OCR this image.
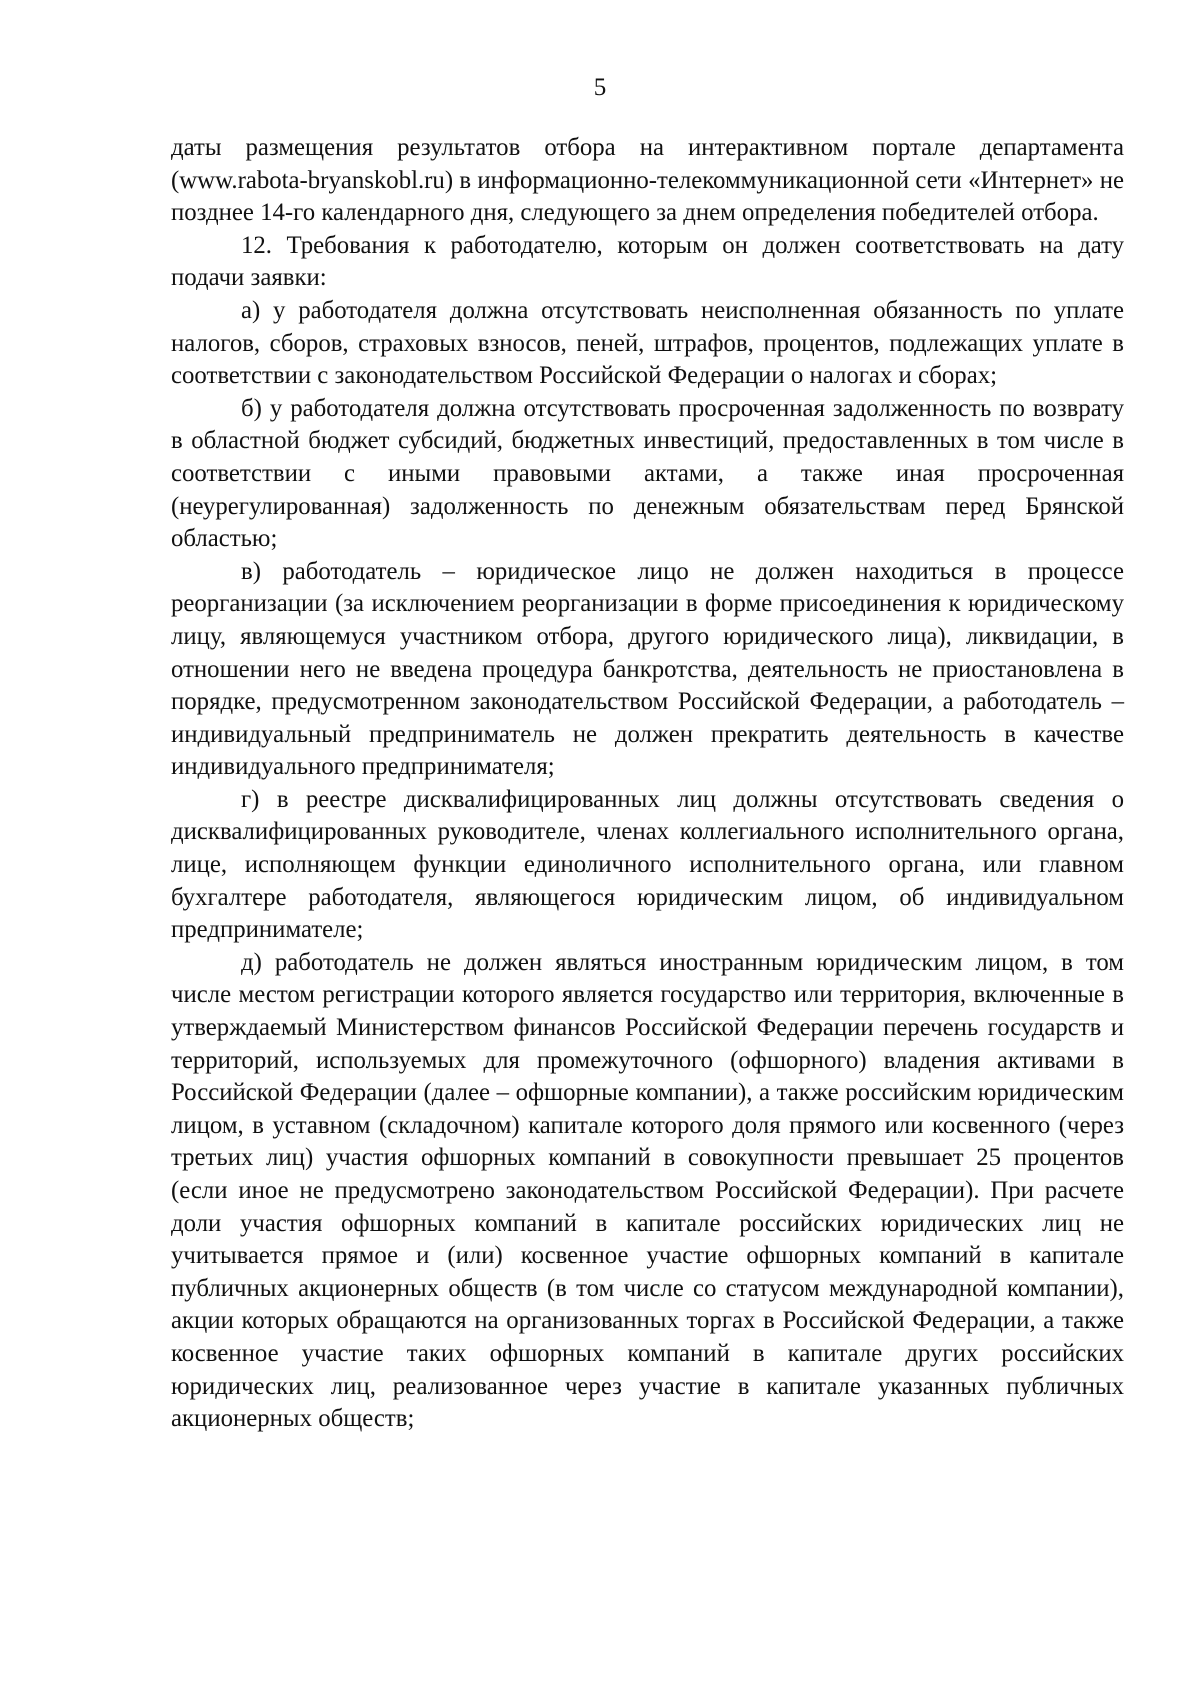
5

даты размещения результатов отбора на интерактивном портале департамента (www.rabota-bryanskobl.ru) в информационно-телекоммуникационной сети «Интернет» не позднее 14-го календарного дня, следующего за днем определения победителей отбора.

12. Требования к работодателю, которым он должен соответствовать на дату подачи заявки:

а) у работодателя должна отсутствовать неисполненная обязанность по уплате налогов, сборов, страховых взносов, пеней, штрафов, процентов, подлежащих уплате в соответствии с законодательством Российской Федерации о налогах и сборах;

б) у работодателя должна отсутствовать просроченная задолженность по возврату в областной бюджет субсидий, бюджетных инвестиций, предоставленных в том числе в соответствии с иными правовыми актами, а также иная просроченная (неурегулированная) задолженность по денежным обязательствам перед Брянской областью;

в) работодатель – юридическое лицо не должен находиться в процессе реорганизации (за исключением реорганизации в форме присоединения к юридическому лицу, являющемуся участником отбора, другого юридического лица), ликвидации, в отношении него не введена процедура банкротства, деятельность не приостановлена в порядке, предусмотренном законодательством Российской Федерации, а работодатель – индивидуальный предприниматель не должен прекратить деятельность в качестве индивидуального предпринимателя;

г) в реестре дисквалифицированных лиц должны отсутствовать сведения о дисквалифицированных руководителе, членах коллегиального исполнительного органа, лице, исполняющем функции единоличного исполнительного органа, или главном бухгалтере работодателя, являющегося юридическим лицом, об индивидуальном предпринимателе;

д) работодатель не должен являться иностранным юридическим лицом, в том числе местом регистрации которого является государство или территория, включенные в утверждаемый Министерством финансов Российской Федерации перечень государств и территорий, используемых для промежуточного (офшорного) владения активами в Российской Федерации (далее – офшорные компании), а также российским юридическим лицом, в уставном (складочном) капитале которого доля прямого или косвенного (через третьих лиц) участия офшорных компаний в совокупности превышает 25 процентов (если иное не предусмотрено законодательством Российской Федерации). При расчете доли участия офшорных компаний в капитале российских юридических лиц не учитывается прямое и (или) косвенное участие офшорных компаний в капитале публичных акционерных обществ (в том числе со статусом международной компании), акции которых обращаются на организованных торгах в Российской Федерации, а также косвенное участие таких офшорных компаний в капитале других российских юридических лиц, реализованное через участие в капитале указанных публичных акционерных обществ;
